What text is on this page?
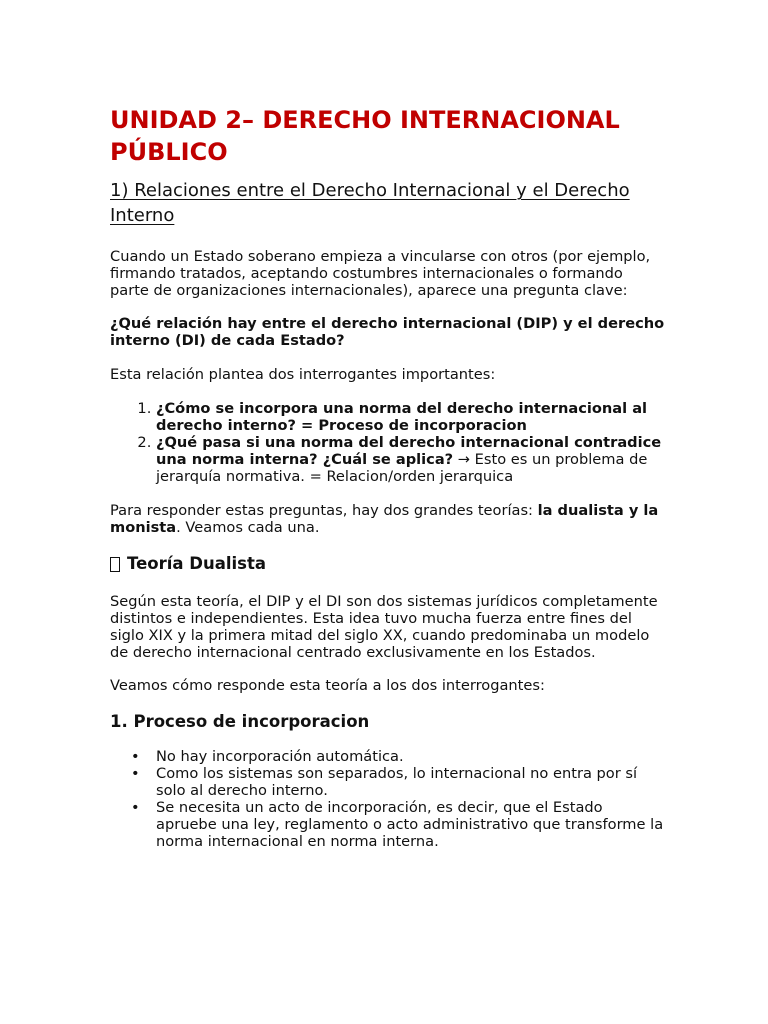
UNIDAD 2– DERECHO INTERNACIONAL PÚBLICO
1) Relaciones entre el Derecho Internacional y el Derecho Interno

Cuando un Estado soberano empieza a vincularse con otros (por ejemplo, firmando tratados, aceptando costumbres internacionales o formando parte de organizaciones internacionales), aparece una pregunta clave:

¿Qué relación hay entre el derecho internacional (DIP) y el derecho interno (DI) de cada Estado?

Esta relación plantea dos interrogantes importantes:

1. ¿Cómo se incorpora una norma del derecho internacional al derecho interno? = Proceso de incorporacion
2. ¿Qué pasa si una norma del derecho internacional contradice una norma interna? ¿Cuál se aplica? → Esto es un problema de jerarquía normativa. = Relacion/orden jerarquica

Para responder estas preguntas, hay dos grandes teorías: la dualista y la monista. Veamos cada una.

Teoría Dualista

Según esta teoría, el DIP y el DI son dos sistemas jurídicos completamente distintos e independientes. Esta idea tuvo mucha fuerza entre fines del siglo XIX y la primera mitad del siglo XX, cuando predominaba un modelo de derecho internacional centrado exclusivamente en los Estados.

Veamos cómo responde esta teoría a los dos interrogantes:

1. Proceso de incorporacion
• No hay incorporación automática.
• Como los sistemas son separados, lo internacional no entra por sí solo al derecho interno.
• Se necesita un acto de incorporación, es decir, que el Estado apruebe una ley, reglamento o acto administrativo que transforme la norma internacional en norma interna.
